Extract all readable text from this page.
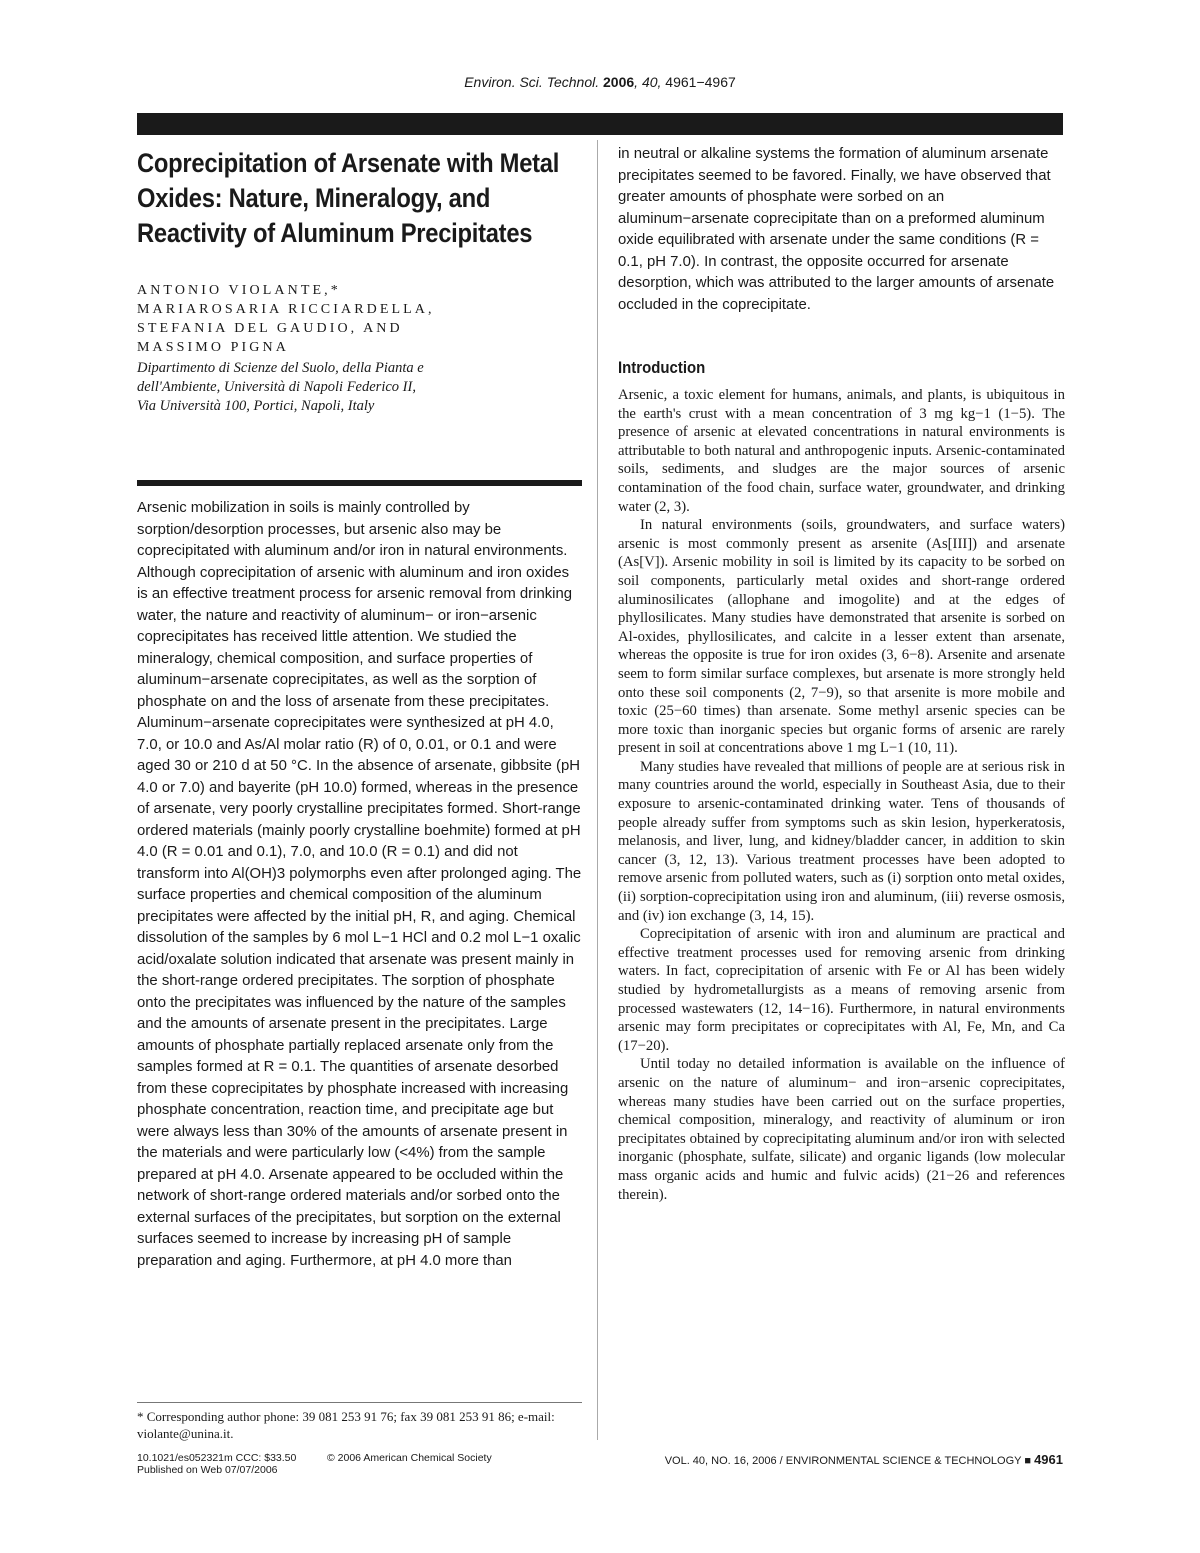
Environ. Sci. Technol. 2006, 40, 4961−4967
Coprecipitation of Arsenate with Metal Oxides: Nature, Mineralogy, and Reactivity of Aluminum Precipitates
ANTONIO VIOLANTE,*
MARIAROSARIA RICCIARDELLA,
STEFANIA DEL GAUDIO, AND
MASSIMO PIGNA
Dipartimento di Scienze del Suolo, della Pianta e
dell'Ambiente, Università di Napoli Federico II,
Via Università 100, Portici, Napoli, Italy
Arsenic mobilization in soils is mainly controlled by sorption/desorption processes, but arsenic also may be coprecipitated with aluminum and/or iron in natural environments. Although coprecipitation of arsenic with aluminum and iron oxides is an effective treatment process for arsenic removal from drinking water, the nature and reactivity of aluminum− or iron−arsenic coprecipitates has received little attention. We studied the mineralogy, chemical composition, and surface properties of aluminum−arsenate coprecipitates, as well as the sorption of phosphate on and the loss of arsenate from these precipitates. Aluminum−arsenate coprecipitates were synthesized at pH 4.0, 7.0, or 10.0 and As/Al molar ratio (R) of 0, 0.01, or 0.1 and were aged 30 or 210 d at 50 °C. In the absence of arsenate, gibbsite (pH 4.0 or 7.0) and bayerite (pH 10.0) formed, whereas in the presence of arsenate, very poorly crystalline precipitates formed. Short-range ordered materials (mainly poorly crystalline boehmite) formed at pH 4.0 (R = 0.01 and 0.1), 7.0, and 10.0 (R = 0.1) and did not transform into Al(OH)3 polymorphs even after prolonged aging. The surface properties and chemical composition of the aluminum precipitates were affected by the initial pH, R, and aging. Chemical dissolution of the samples by 6 mol L−1 HCl and 0.2 mol L−1 oxalic acid/oxalate solution indicated that arsenate was present mainly in the short-range ordered precipitates. The sorption of phosphate onto the precipitates was influenced by the nature of the samples and the amounts of arsenate present in the precipitates. Large amounts of phosphate partially replaced arsenate only from the samples formed at R = 0.1. The quantities of arsenate desorbed from these coprecipitates by phosphate increased with increasing phosphate concentration, reaction time, and precipitate age but were always less than 30% of the amounts of arsenate present in the materials and were particularly low (<4%) from the sample prepared at pH 4.0. Arsenate appeared to be occluded within the network of short-range ordered materials and/or sorbed onto the external surfaces of the precipitates, but sorption on the external surfaces seemed to increase by increasing pH of sample preparation and aging. Furthermore, at pH 4.0 more than
* Corresponding author phone: 39 081 253 91 76; fax 39 081 253 91 86; e-mail: violante@unina.it.
in neutral or alkaline systems the formation of aluminum arsenate precipitates seemed to be favored. Finally, we have observed that greater amounts of phosphate were sorbed on an aluminum−arsenate coprecipitate than on a preformed aluminum oxide equilibrated with arsenate under the same conditions (R = 0.1, pH 7.0). In contrast, the opposite occurred for arsenate desorption, which was attributed to the larger amounts of arsenate occluded in the coprecipitate.
Introduction

Arsenic, a toxic element for humans, animals, and plants, is ubiquitous in the earth's crust with a mean concentration of 3 mg kg−1 (1−5). The presence of arsenic at elevated concentrations in natural environments is attributable to both natural and anthropogenic inputs. Arsenic-contaminated soils, sediments, and sludges are the major sources of arsenic contamination of the food chain, surface water, groundwater, and drinking water (2, 3).

In natural environments (soils, groundwaters, and surface waters) arsenic is most commonly present as arsenite (As[III]) and arsenate (As[V]). Arsenic mobility in soil is limited by its capacity to be sorbed on soil components, particularly metal oxides and short-range ordered aluminosilicates (allophane and imogolite) and at the edges of phyllosilicates. Many studies have demonstrated that arsenite is sorbed on Al-oxides, phyllosilicates, and calcite in a lesser extent than arsenate, whereas the opposite is true for iron oxides (3, 6−8). Arsenite and arsenate seem to form similar surface complexes, but arsenate is more strongly held onto these soil components (2, 7−9), so that arsenite is more mobile and toxic (25−60 times) than arsenate. Some methyl arsenic species can be more toxic than inorganic species but organic forms of arsenic are rarely present in soil at concentrations above 1 mg L−1 (10, 11).

Many studies have revealed that millions of people are at serious risk in many countries around the world, especially in Southeast Asia, due to their exposure to arsenic-contaminated drinking water. Tens of thousands of people already suffer from symptoms such as skin lesion, hyperkeratosis, melanosis, and liver, lung, and kidney/bladder cancer, in addition to skin cancer (3, 12, 13). Various treatment processes have been adopted to remove arsenic from polluted waters, such as (i) sorption onto metal oxides, (ii) sorption-coprecipitation using iron and aluminum, (iii) reverse osmosis, and (iv) ion exchange (3, 14, 15).

Coprecipitation of arsenic with iron and aluminum are practical and effective treatment processes used for removing arsenic from drinking waters. In fact, coprecipitation of arsenic with Fe or Al has been widely studied by hydrometallurgists as a means of removing arsenic from processed wastewaters (12, 14−16). Furthermore, in natural environments arsenic may form precipitates or coprecipitates with Al, Fe, Mn, and Ca (17−20).

Until today no detailed information is available on the influence of arsenic on the nature of aluminum− and iron−arsenic coprecipitates, whereas many studies have been carried out on the surface properties, chemical composition, mineralogy, and reactivity of aluminum or iron precipitates obtained by coprecipitating aluminum and/or iron with selected inorganic (phosphate, sulfate, silicate) and organic ligands (low molecular mass organic acids and humic and fulvic acids) (21−26 and references therein).

10.1021/es052321m CCC: $33.50
Published on Web 07/07/2006
© 2006 American Chemical Society	VOL. 40, NO. 16, 2006 / ENVIRONMENTAL SCIENCE & TECHNOLOGY ■ 4961
